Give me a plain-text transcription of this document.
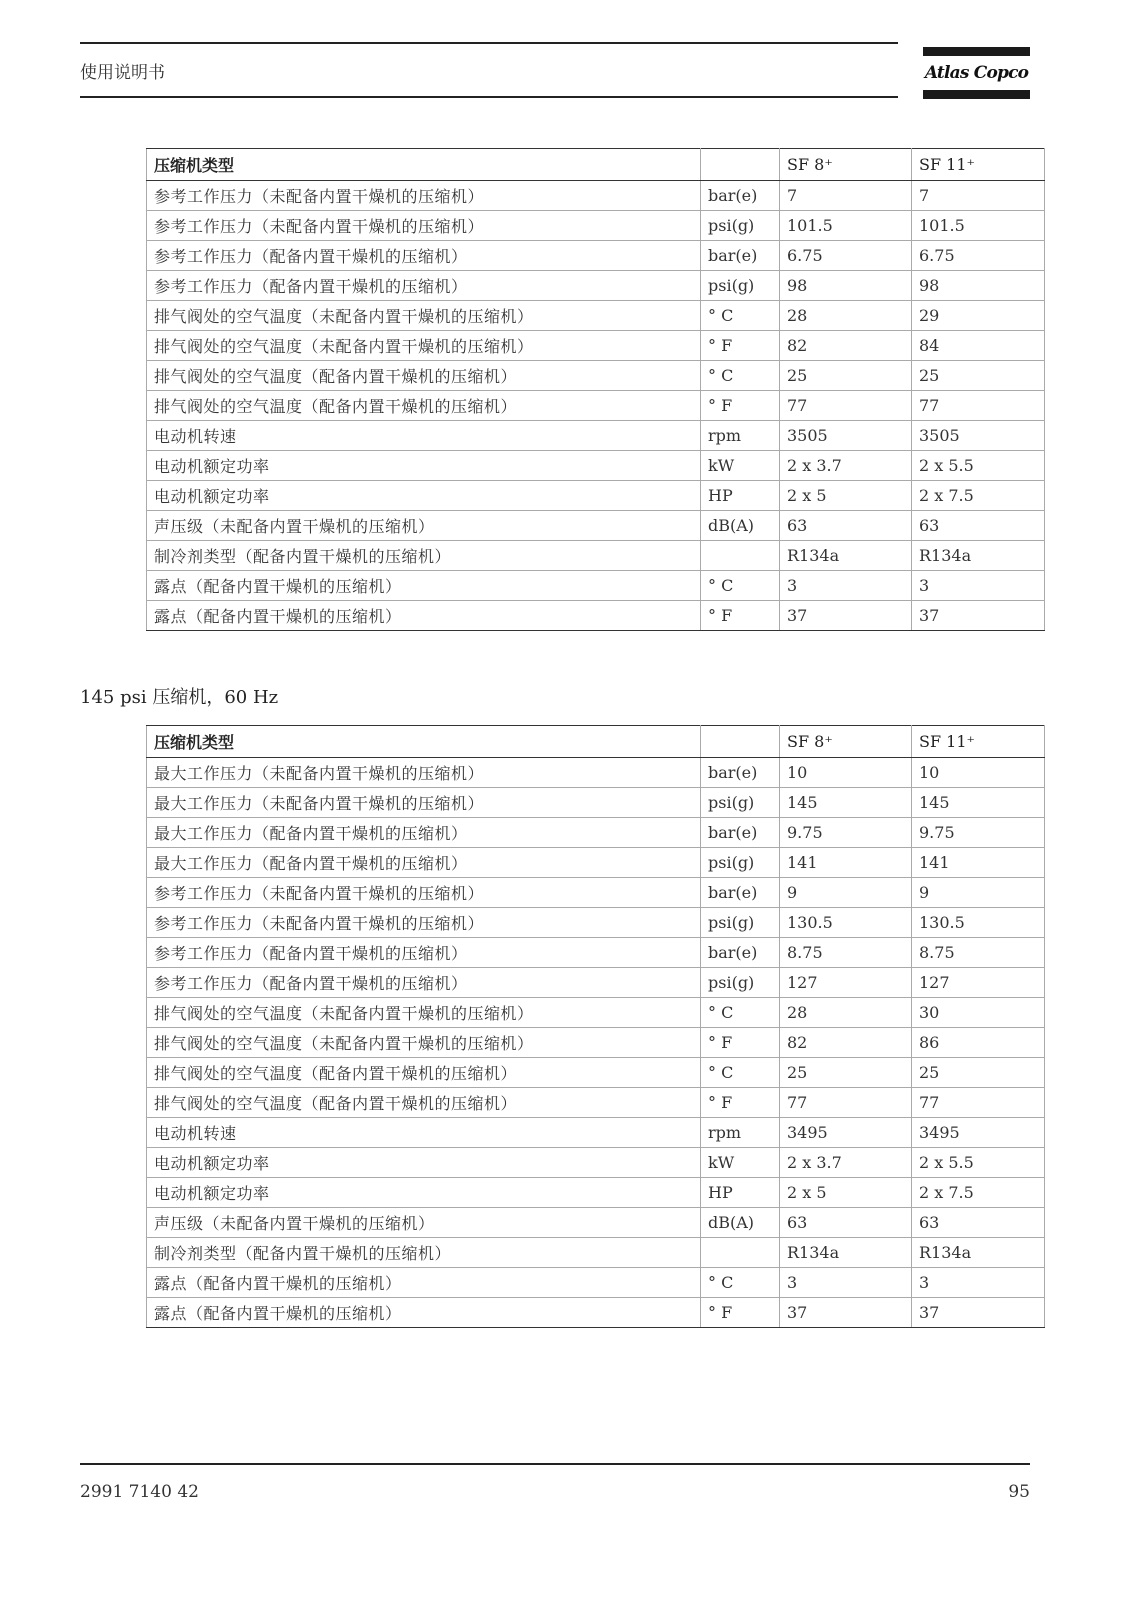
使用说明书	Atlas Copco
压缩机类型		SF 8⁺	SF 11⁺
参考工作压力（未配备内置干燥机的压缩机）	bar(e)	7	7
参考工作压力（未配备内置干燥机的压缩机）	psi(g)	101.5	101.5
参考工作压力（配备内置干燥机的压缩机）	bar(e)	6.75	6.75
参考工作压力（配备内置干燥机的压缩机）	psi(g)	98	98
排气阀处的空气温度（未配备内置干燥机的压缩机）	° C	28	29
排气阀处的空气温度（未配备内置干燥机的压缩机）	° F	82	84
排气阀处的空气温度（配备内置干燥机的压缩机）	° C	25	25
排气阀处的空气温度（配备内置干燥机的压缩机）	° F	77	77
电动机转速	rpm	3505	3505
电动机额定功率	kW	2 x 3.7	2 x 5.5
电动机额定功率	HP	2 x 5	2 x 7.5
声压级（未配备内置干燥机的压缩机）	dB(A)	63	63
制冷剂类型（配备内置干燥机的压缩机）		R134a	R134a
露点（配备内置干燥机的压缩机）	° C	3	3
露点（配备内置干燥机的压缩机）	° F	37	37
145 psi 压缩机，60 Hz
压缩机类型		SF 8⁺	SF 11⁺
最大工作压力（未配备内置干燥机的压缩机）	bar(e)	10	10
最大工作压力（未配备内置干燥机的压缩机）	psi(g)	145	145
最大工作压力（配备内置干燥机的压缩机）	bar(e)	9.75	9.75
最大工作压力（配备内置干燥机的压缩机）	psi(g)	141	141
参考工作压力（未配备内置干燥机的压缩机）	bar(e)	9	9
参考工作压力（未配备内置干燥机的压缩机）	psi(g)	130.5	130.5
参考工作压力（配备内置干燥机的压缩机）	bar(e)	8.75	8.75
参考工作压力（配备内置干燥机的压缩机）	psi(g)	127	127
排气阀处的空气温度（未配备内置干燥机的压缩机）	° C	28	30
排气阀处的空气温度（未配备内置干燥机的压缩机）	° F	82	86
排气阀处的空气温度（配备内置干燥机的压缩机）	° C	25	25
排气阀处的空气温度（配备内置干燥机的压缩机）	° F	77	77
电动机转速	rpm	3495	3495
电动机额定功率	kW	2 x 3.7	2 x 5.5
电动机额定功率	HP	2 x 5	2 x 7.5
声压级（未配备内置干燥机的压缩机）	dB(A)	63	63
制冷剂类型（配备内置干燥机的压缩机）		R134a	R134a
露点（配备内置干燥机的压缩机）	° C	3	3
露点（配备内置干燥机的压缩机）	° F	37	37
2991 7140 42	95
